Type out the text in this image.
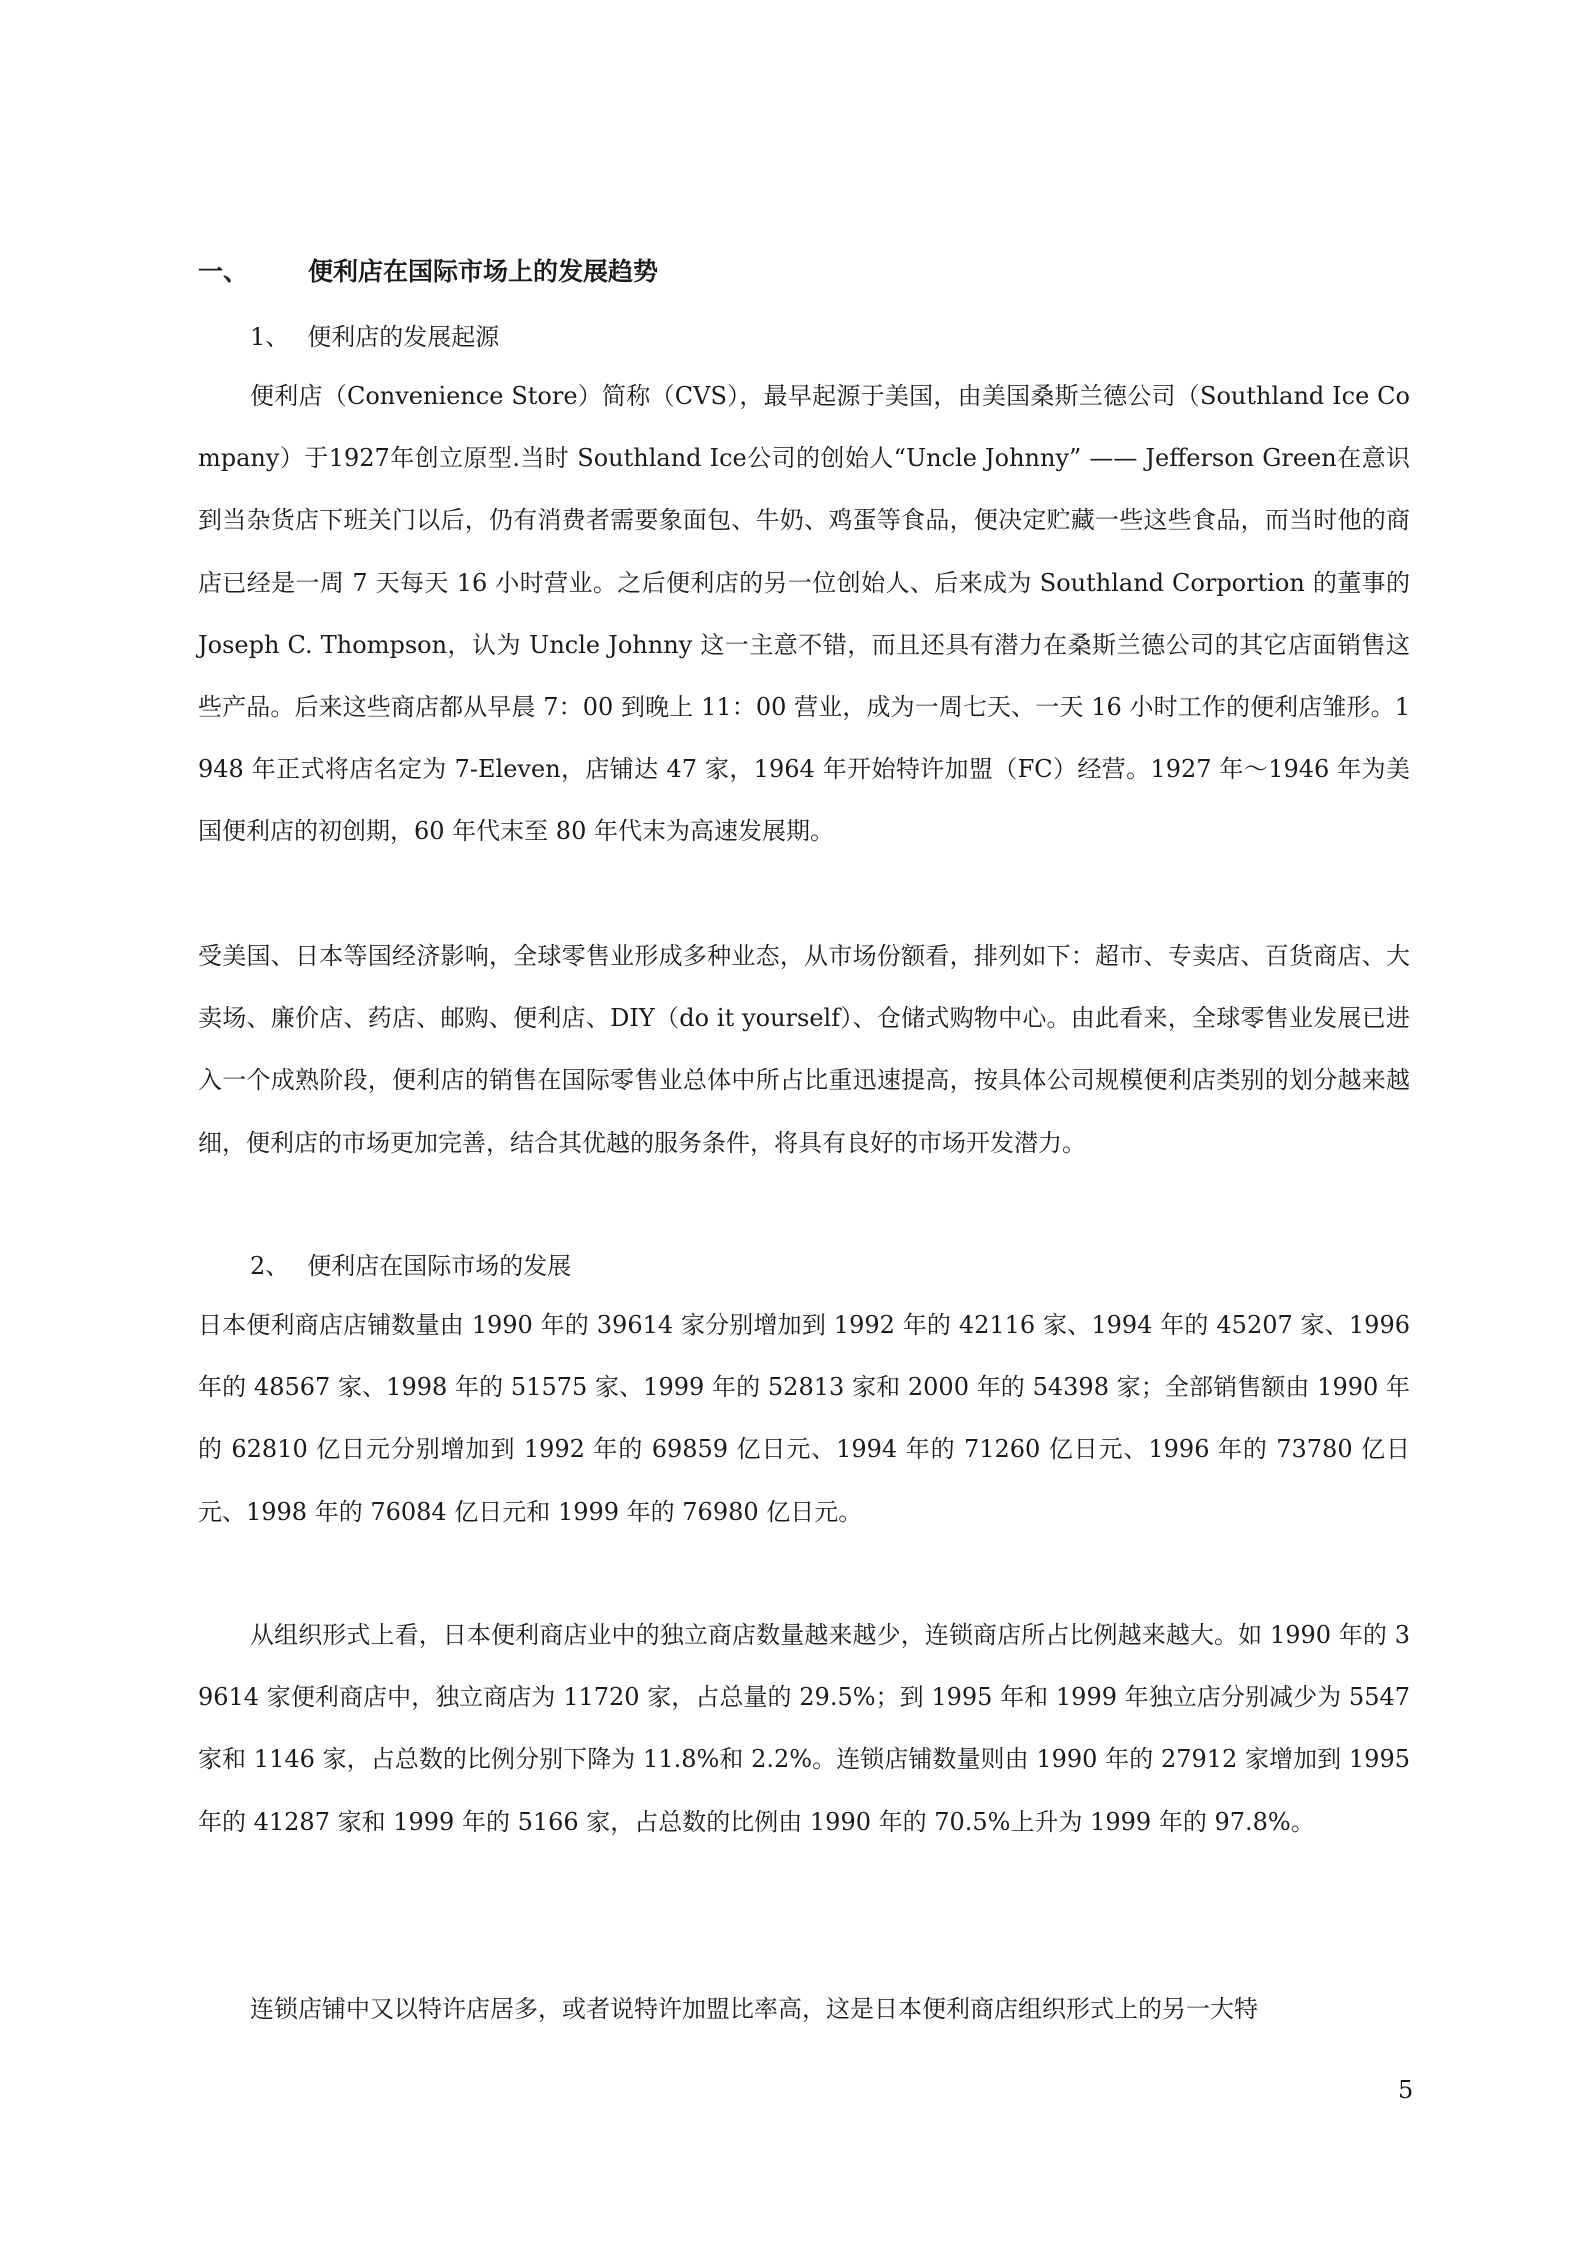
一、 便利店在国际市场上的发展趋势
1、 便利店的发展起源

便利店（Convenience Store）简称（CVS），最早起源于美国，由美国桑斯兰德公司（Southland Ice Company）于1927年创立原型.当时 Southland Ice公司的创始人“Uncle Johnny” —— Jefferson Green在意识到当杂货店下班关门以后，仍有消费者需要象面包、牛奶、鸡蛋等食品，便决定贮藏一些这些食品，而当时他的商店已经是一周 7 天每天 16 小时营业。之后便利店的另一位创始人、后来成为 Southland Corportion 的董事的 Joseph C. Thompson，认为 Uncle Johnny 这一主意不错，而且还具有潜力在桑斯兰德公司的其它店面销售这些产品。后来这些商店都从早晨 7：00 到晚上 11：00 营业，成为一周七天、一天 16 小时工作的便利店雏形。1948 年正式将店名定为 7-Eleven，店铺达 47 家，1964 年开始特许加盟（FC）经营。1927 年～1946 年为美国便利店的初创期，60 年代末至 80 年代末为高速发展期。

受美国、日本等国经济影响，全球零售业形成多种业态，从市场份额看，排列如下：超市、专卖店、百货商店、大卖场、廉价店、药店、邮购、便利店、DIY（do it yourself）、仓储式购物中心。由此看来，全球零售业发展已进入一个成熟阶段，便利店的销售在国际零售业总体中所占比重迅速提高，按具体公司规模便利店类别的划分越来越细，便利店的市场更加完善，结合其优越的服务条件，将具有良好的市场开发潜力。

2、 便利店在国际市场的发展

日本便利商店店铺数量由 1990 年的 39614 家分别增加到 1992 年的 42116 家、1994 年的 45207 家、1996 年的 48567 家、1998 年的 51575 家、1999 年的 52813 家和 2000 年的 54398 家；全部销售额由 1990 年的 62810 亿日元分别增加到 1992 年的 69859 亿日元、1994 年的 71260 亿日元、1996 年的 73780 亿日元、1998 年的 76084 亿日元和 1999 年的 76980 亿日元。

从组织形式上看，日本便利商店业中的独立商店数量越来越少，连锁商店所占比例越来越大。如 1990 年的 39614 家便利商店中，独立商店为 11720 家，占总量的 29.5%；到 1995 年和 1999 年独立店分别减少为 5547 家和 1146 家，占总数的比例分别下降为 11.8%和 2.2%。连锁店铺数量则由 1990 年的 27912 家增加到 1995 年的 41287 家和 1999 年的 5166 家，占总数的比例由 1990 年的 70.5%上升为 1999 年的 97.8%。

连锁店铺中又以特许店居多，或者说特许加盟比率高，这是日本便利商店组织形式上的另一大特

5
